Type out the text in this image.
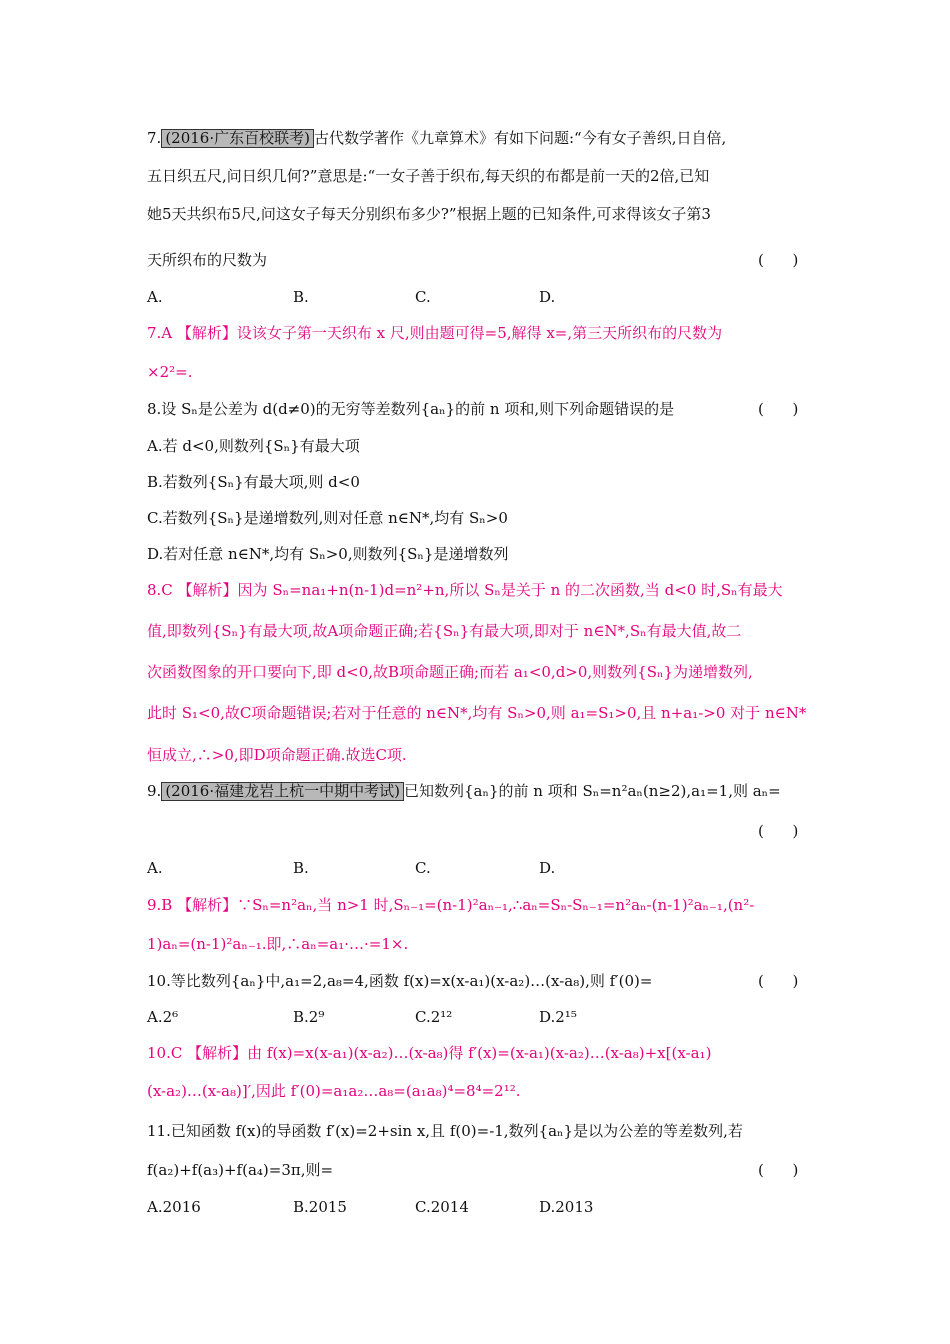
7. (2016·广东百校联考) 古代数学著作《九章算术》有如下问题:“今有女子善织,日自倍,
五日织五尺,问日织几何?”意思是:“一女子善于织布,每天织的布都是前一天的2倍,已知
她5天共织布5尺,问这女子每天分别织布多少?”根据上题的已知条件,可求得该女子第3
天所织布的尺数为	(      )
A.	B.	C.	D.
7.A 【解析】设该女子第一天织布 x 尺,则由题可得=5,解得 x=,第三天所织布的尺数为
×2²=.
8.设 Sₙ是公差为 d(d≠0)的无穷等差数列{aₙ}的前 n 项和,则下列命题错误的是	(      )
A.若 d<0,则数列{Sₙ}有最大项
B.若数列{Sₙ}有最大项,则 d<0
C.若数列{Sₙ}是递增数列,则对任意 n∈N*,均有 Sₙ>0
D.若对任意 n∈N*,均有 Sₙ>0,则数列{Sₙ}是递增数列
8.C 【解析】因为 Sₙ=na₁+n(n-1)d=n²+n,所以 Sₙ是关于 n 的二次函数,当 d<0 时,Sₙ有最大
值,即数列{Sₙ}有最大项,故A项命题正确;若{Sₙ}有最大项,即对于 n∈N*,Sₙ有最大值,故二
次函数图象的开口要向下,即 d<0,故B项命题正确;而若 a₁<0,d>0,则数列{Sₙ}为递增数列,
此时 S₁<0,故C项命题错误;若对于任意的 n∈N*,均有 Sₙ>0,则 a₁=S₁>0,且 n+a₁->0 对于 n∈N*
恒成立,∴>0,即D项命题正确.故选C项.
9. (2016·福建龙岩上杭一中期中考试) 已知数列{aₙ}的前 n 项和 Sₙ=n²aₙ(n≥2),a₁=1,则 aₙ=
(      )
A.	B.	C.	D.
9.B 【解析】∵Sₙ=n²aₙ,当 n>1 时,Sₙ₋₁=(n-1)²aₙ₋₁,∴aₙ=Sₙ-Sₙ₋₁=n²aₙ-(n-1)²aₙ₋₁,(n²-
1)aₙ=(n-1)²aₙ₋₁.即,∴aₙ=a₁·…·=1×.
10.等比数列{aₙ}中,a₁=2,a₈=4,函数 f(x)=x(x-a₁)(x-a₂)…(x-a₈),则 f′(0)=	(      )
A.2⁶	B.2⁹	C.2¹²	D.2¹⁵
10.C 【解析】由 f(x)=x(x-a₁)(x-a₂)…(x-a₈)得 f′(x)=(x-a₁)(x-a₂)…(x-a₈)+x[(x-a₁)
(x-a₂)…(x-a₈)]′,因此 f′(0)=a₁a₂…a₈=(a₁a₈)⁴=8⁴=2¹².
11.已知函数 f(x)的导函数 f′(x)=2+sin x,且 f(0)=-1,数列{aₙ}是以为公差的等差数列,若
f(a₂)+f(a₃)+f(a₄)=3π,则=	(      )
A.2016	B.2015	C.2014	D.2013
